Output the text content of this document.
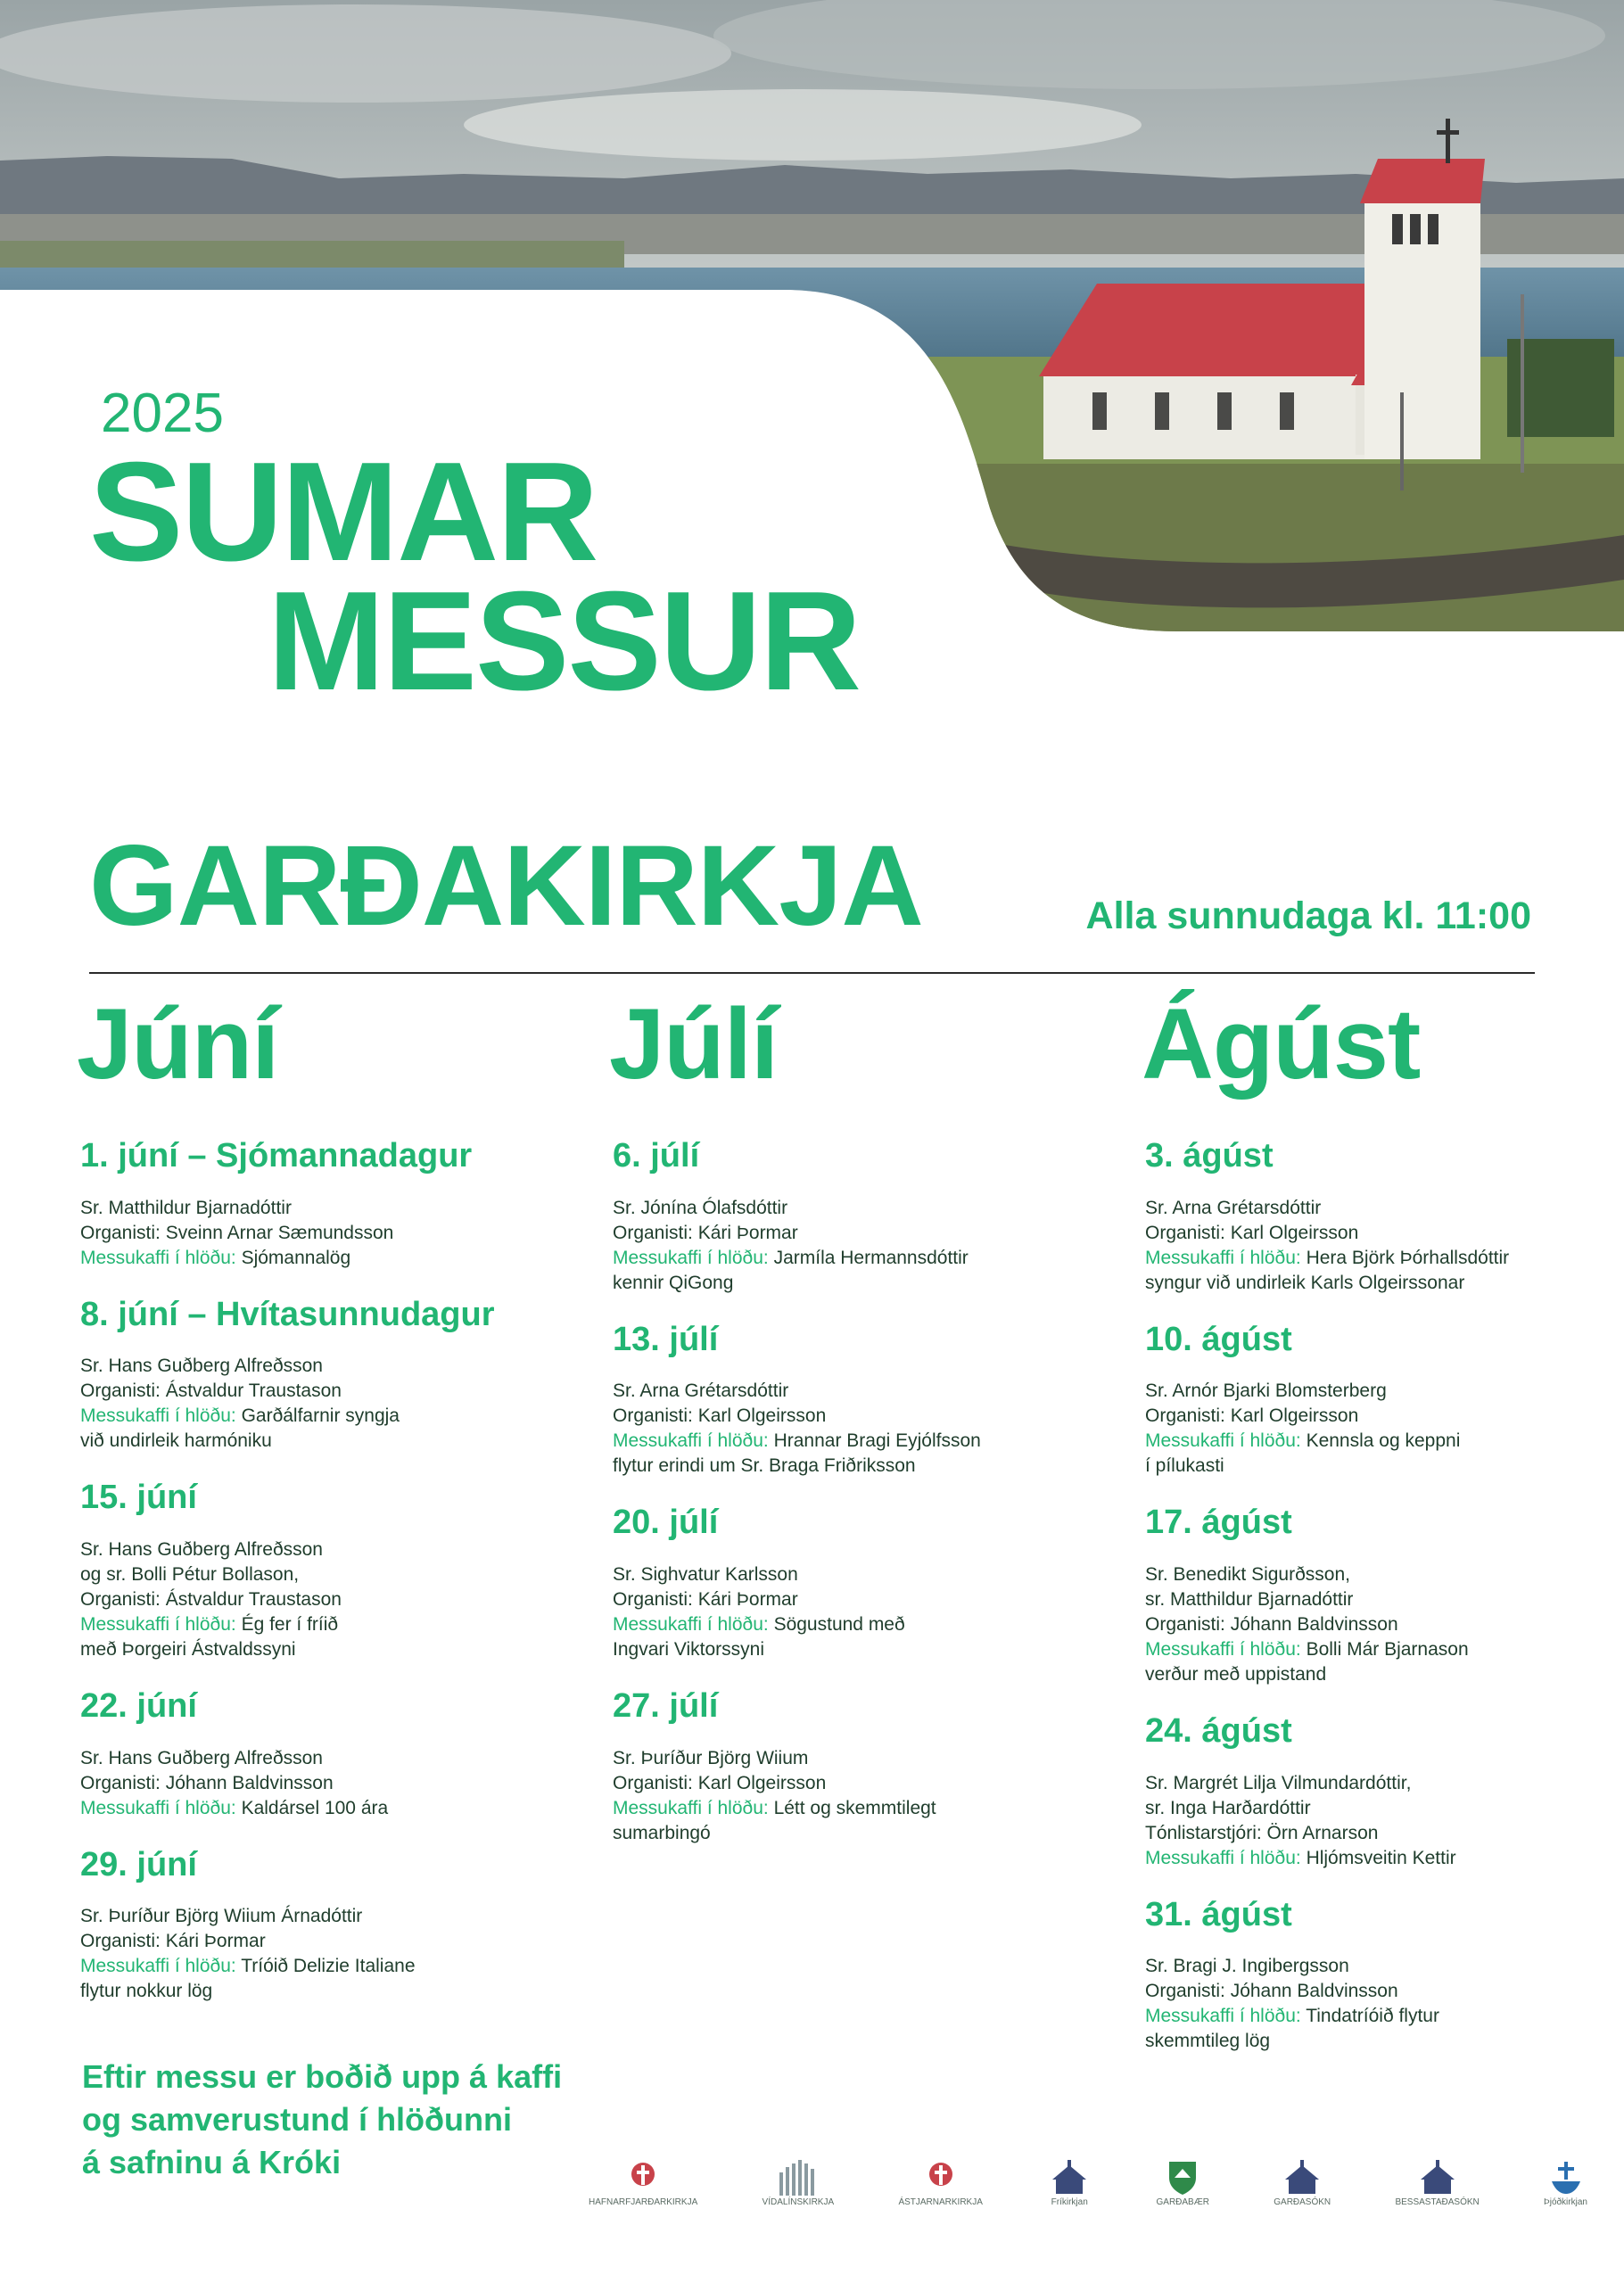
2025
SUMAR
MESSUR
GARÐAKIRKJA	Alla sunnudaga kl. 11:00
Júní
1. júní – Sjómannadagur

Sr. Matthildur Bjarnadóttir
Organisti: Sveinn Arnar Sæmundsson
Messukaffi í hlöðu: Sjómannalög

8. júní – Hvítasunnudagur

Sr. Hans Guðberg Alfreðsson
Organisti: Ástvaldur Traustason
Messukaffi í hlöðu: Garðálfarnir syngja
við undirleik harmóniku

15. júní

Sr. Hans Guðberg Alfreðsson
og sr. Bolli Pétur Bollason,
Organisti: Ástvaldur Traustason
Messukaffi í hlöðu: Ég fer í fríið
með Þorgeiri Ástvaldssyni

22. júní

Sr. Hans Guðberg Alfreðsson
Organisti: Jóhann Baldvinsson
Messukaffi í hlöðu: Kaldársel 100 ára

29. júní

Sr. Þuríður Björg Wiium Árnadóttir
Organisti: Kári Þormar
Messukaffi í hlöðu: Tríóið Delizie Italiane
flytur nokkur lög

Júlí
6. júlí

Sr. Jónína Ólafsdóttir
Organisti: Kári Þormar
Messukaffi í hlöðu: Jarmíla Hermannsdóttir
kennir QiGong

13. júlí

Sr. Arna Grétarsdóttir
Organisti: Karl Olgeirsson
Messukaffi í hlöðu: Hrannar Bragi Eyjólfsson
flytur erindi um Sr. Braga Friðriksson

20. júlí

Sr. Sighvatur Karlsson
Organisti: Kári Þormar
Messukaffi í hlöðu: Sögustund með
Ingvari Viktorssyni

27. júlí

Sr. Þuríður Björg Wiium
Organisti: Karl Olgeirsson
Messukaffi í hlöðu: Létt og skemmtilegt
sumarbingó

Ágúst
3. ágúst

Sr. Arna Grétarsdóttir
Organisti: Karl Olgeirsson
Messukaffi í hlöðu: Hera Björk Þórhallsdóttir
syngur við undirleik Karls Olgeirssonar

10. ágúst

Sr. Arnór Bjarki Blomsterberg
Organisti: Karl Olgeirsson
Messukaffi í hlöðu: Kennsla og keppni
í pílukasti

17. ágúst

Sr. Benedikt Sigurðsson,
sr. Matthildur Bjarnadóttir
Organisti: Jóhann Baldvinsson
Messukaffi í hlöðu: Bolli Már Bjarnason
verður með uppistand

24. ágúst

Sr. Margrét Lilja Vilmundardóttir,
sr. Inga Harðardóttir
Tónlistarstjóri: Örn Arnarson
Messukaffi í hlöðu: Hljómsveitin Kettir

31. ágúst

Sr. Bragi J. Ingibergsson
Organisti: Jóhann Baldvinsson
Messukaffi í hlöðu: Tindatríóið flytur
skemmtileg lög

Eftir messu er boðið upp á kaffi
og samverustund í hlöðunni
á safninu á Króki
HAFNARFJARÐARKIRKJA	VÍDALÍNSKIRKJA	ÁSTJARNARKIRKJA	Fríkirkjan	GARÐABÆR	GARÐASÓKN	BESSASTAÐASÓKN	Þjóðkirkjan
